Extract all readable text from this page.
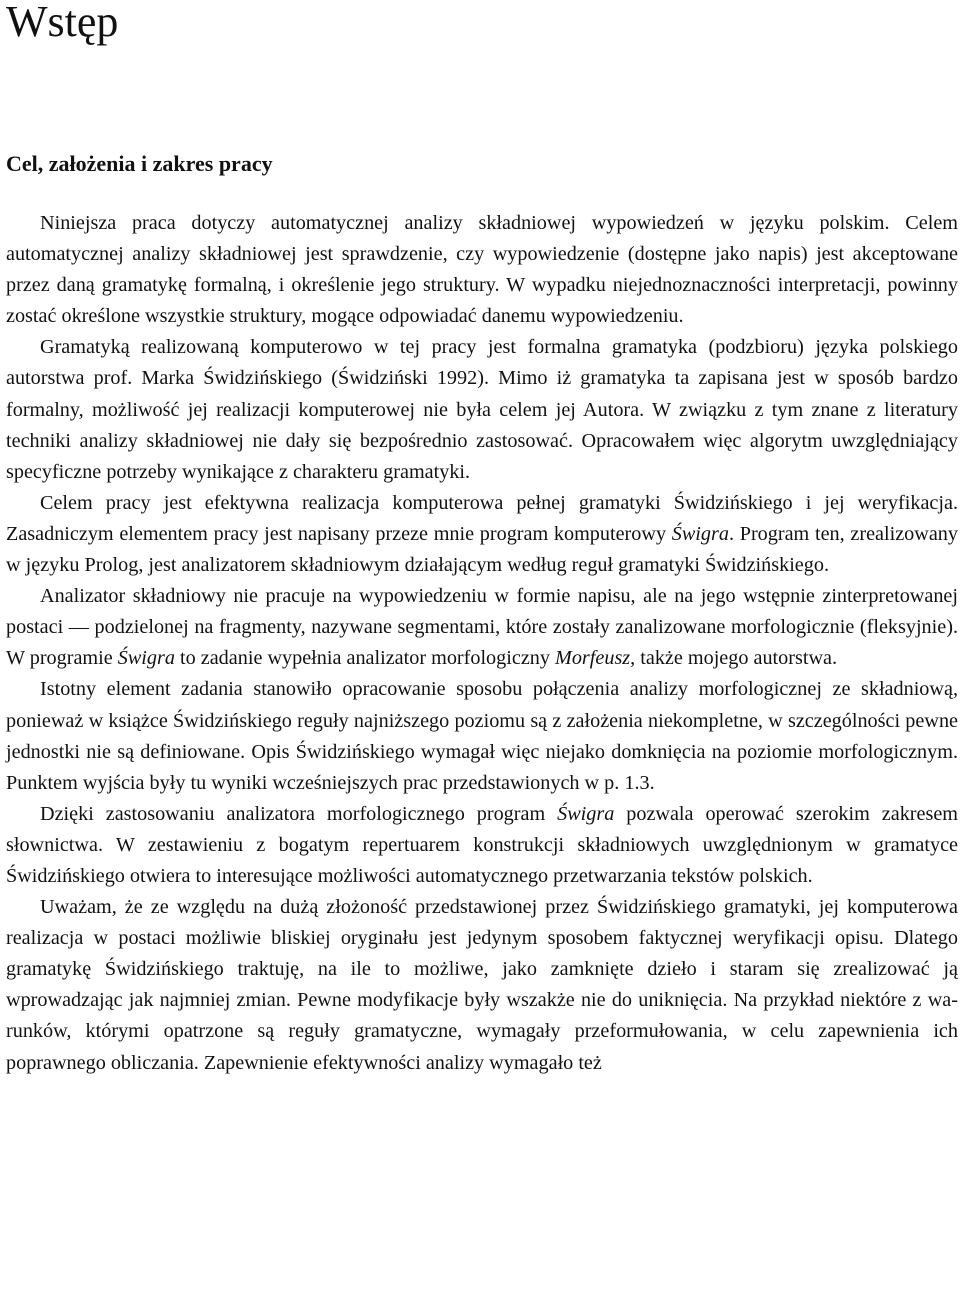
Wstęp
Cel, założenia i zakres pracy

Niniejsza praca dotyczy automatycznej analizy składniowej wypowiedzeń w języku polskim. Celem automatycznej analizy składniowej jest sprawdzenie, czy wypowiedzenie (dostępne jako napis) jest akceptowane przez daną gramatykę formalną, i określenie jego struktury. W wypadku niejednoznaczności interpretacji, powinny zostać określone wszystkie struktury, mogące odpowiadać danemu wypowiedzeniu.

Gramatyką realizowaną komputerowo w tej pracy jest formalna gramatyka (podzbioru) języka polskiego autorstwa prof. Marka Świdzińskiego (Świdziński 1992). Mimo iż gramatyka ta zapisana jest w sposób bardzo formalny, możliwość jej realizacji komputerowej nie była celem jej Autora. W związku z tym znane z literatury techniki analizy składniowej nie dały się bezpośrednio zastosować. Opracowałem więc algorytm uwzględniający specyficzne potrzeby wynikające z charakteru gramatyki.

Celem pracy jest efektywna realizacja komputerowa pełnej gramatyki Świdzińskiego i jej weryfikacja. Zasadniczym elementem pracy jest napisany przeze mnie program komputerowy Świgra. Program ten, zrealizowany w języku Prolog, jest analizatorem składniowym działającym według reguł gramatyki Świdzińskiego.

Analizator składniowy nie pracuje na wypowiedzeniu w formie napisu, ale na jego wstępnie zinterpretowanej postaci — podzielonej na fragmenty, nazywane segmentami, które zostały zanalizowane morfologicznie (fleksyjnie). W programie Świgra to zadanie wypełnia analizator morfologiczny Morfeusz, także mojego autorstwa.

Istotny element zadania stanowiło opracowanie sposobu połączenia analizy morfologicznej ze składniową, ponieważ w książce Świdzińskiego reguły najniższego poziomu są z założenia niekompletne, w szczególności pewne jednostki nie są definiowane. Opis Świdzińskiego wymagał więc niejako domknięcia na poziomie morfologicznym. Punktem wyjścia były tu wyniki wcześniejszych prac przedstawionych w p. 1.3.

Dzięki zastosowaniu analizatora morfologicznego program Świgra pozwala operować szerokim zakresem słownictwa. W zestawieniu z bogatym repertuarem konstrukcji składniowych uwzględnionym w gramatyce Świdzińskiego otwiera to interesujące możliwości automatycznego przetwarzania tekstów polskich.

Uważam, że ze względu na dużą złożoność przedstawionej przez Świdzińskiego gramatyki, jej komputerowa realizacja w postaci możliwie bliskiej oryginału jest jedynym sposobem faktycznej weryfikacji opisu. Dlatego gramatykę Świdzińskiego traktuję, na ile to możliwe, jako zamknięte dzieło i staram się zrealizować ją wprowadzając jak najmniej zmian. Pewne modyfikacje były wszakże nie do uniknięcia. Na przykład niektóre z warunków, którymi opatrzone są reguły gramatyczne, wymagały przeformułowania, w celu zapewnienia ich poprawnego obliczania. Zapewnienie efektywności analizy wymagało też
